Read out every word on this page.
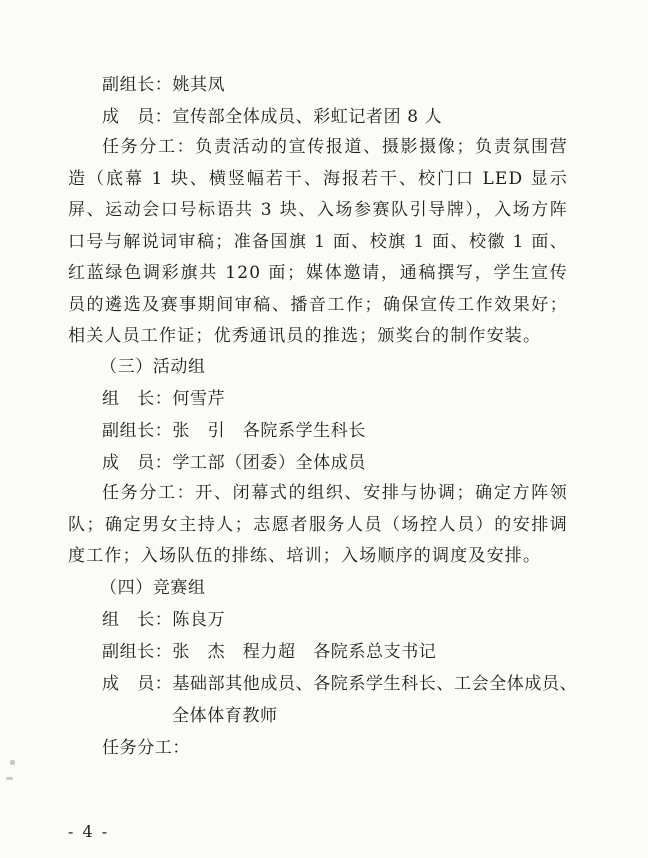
副组长：姚其凤
成　员：宣传部全体成员、彩虹记者团 8 人
任务分工：负责活动的宣传报道、摄影摄像；负责氛围营造（底幕 1 块、横竖幅若干、海报若干、校门口 LED 显示屏、运动会口号标语共 3 块、入场参赛队引导牌），入场方阵口号与解说词审稿；准备国旗 1 面、校旗 1 面、校徽 1 面、红蓝绿色调彩旗共 120 面；媒体邀请，通稿撰写，学生宣传员的遴选及赛事期间审稿、播音工作；确保宣传工作效果好；相关人员工作证；优秀通讯员的推选；颁奖台的制作安装。
（三）活动组
组　长：何雪芹
副组长：张　引　各院系学生科长
成　员：学工部（团委）全体成员
任务分工：开、闭幕式的组织、安排与协调；确定方阵领队；确定男女主持人；志愿者服务人员（场控人员）的安排调度工作；入场队伍的排练、培训；入场顺序的调度及安排。
（四）竞赛组
组　长：陈良万
副组长：张　杰　程力超　各院系总支书记
成　员：基础部其他成员、各院系学生科长、工会全体成员、
全体体育教师
任务分工：
- 4 -
